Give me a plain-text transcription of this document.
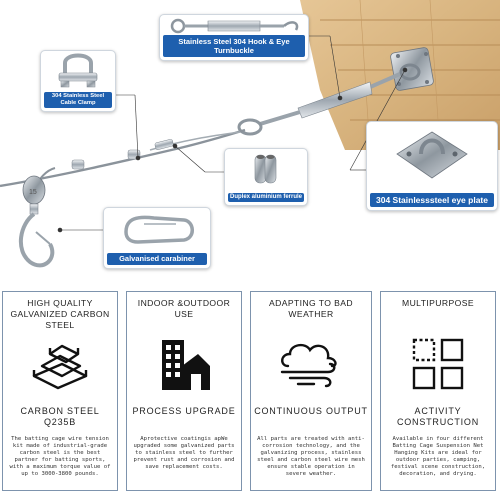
15
Stainless Steel 304 Hook & Eye Turnbuckle
304 Stainless Steel Cable Clamp
Duplex aluminium ferrule	304 Stainlesssteel eye plate
Galvanised carabiner
HIGH QUALITY GALVANIZED CARBON STEEL
CARBON STEEL Q235B
The batting cage wire tension kit made of industrial-grade carbon steel is the best partner for batting sports, with a maximum torque value of up to 3000-3800 pounds.
INDOOR &OUTDOOR USE
PROCESS UPGRADE
Aprotective coatingis apWe upgraded some galvanized parts to stainless steel to further prevent rust and corrosion and save replacement costs.
ADAPTING TO BAD WEATHER
CONTINUOUS OUTPUT
All parts are treated with anti-corrosion technology, and the galvanizing process, stainless steel and carbon steel wire mesh ensure stable operation in severe weather.
MULTIPURPOSE
ACTIVITY CONSTRUCTION
Available in four different Batting Cage Suspension Net Hanging Kits are ideal for outdoor parties, camping, festival scene construction, decoration, and drying.
